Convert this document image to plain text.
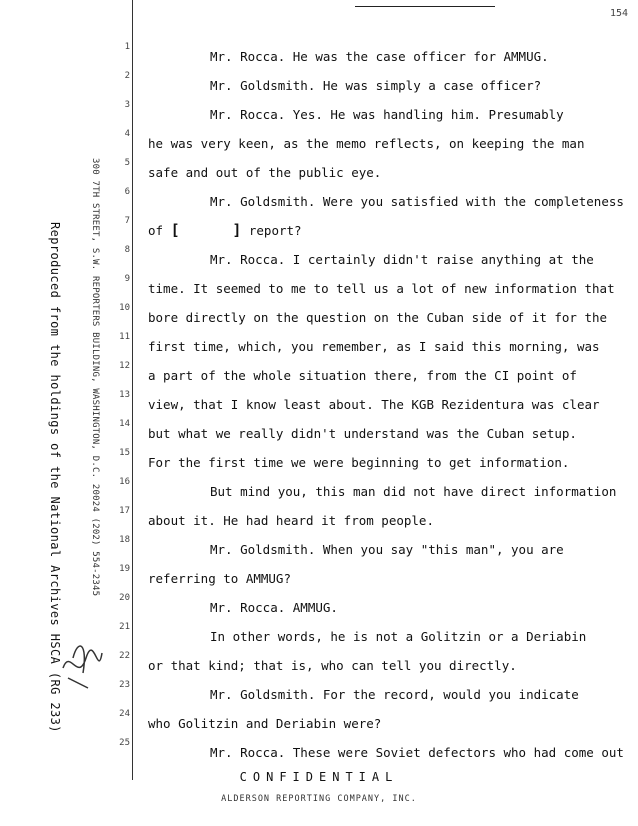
154
Reproduced from the holdings of the National Archives HSCA (RG 233)	300 7TH STREET, S.W. REPORTERS BUILDING, WASHINGTON, D.C. 20024 (202) 554-2345
1
2
3
4
5
6
7
8
9
10
11
12
13
14
15
16
17
18
19
20
21
22
23
24
25
Mr. Rocca. He was the case officer for AMMUG.
Mr. Goldsmith. He was simply a case officer?
Mr. Rocca. Yes. He was handling him. Presumably
he was very keen, as the memo reflects, on keeping the man
safe and out of the public eye.
Mr. Goldsmith. Were you satisfied with the completeness
of [	] report?
Mr. Rocca. I certainly didn't raise anything at the
time. It seemed to me to tell us a lot of new information that
bore directly on the question on the Cuban side of it for the
first time, which, you remember, as I said this morning, was
a part of the whole situation there, from the CI point of
view, that I know least about. The KGB Rezidentura was clear
but what we really didn't understand was the Cuban setup.
For the first time we were beginning to get information.
But mind you, this man did not have direct information
about it. He had heard it from people.
Mr. Goldsmith. When you say "this man", you are
referring to AMMUG?
Mr. Rocca. AMMUG.
In other words, he is not a Golitzin or a Deriabin
or that kind; that is, who can tell you directly.
Mr. Goldsmith. For the record, would you indicate
who Golitzin and Deriabin were?
Mr. Rocca. These were Soviet defectors who had come out
CONFIDENTIAL
ALDERSON REPORTING COMPANY, INC.
